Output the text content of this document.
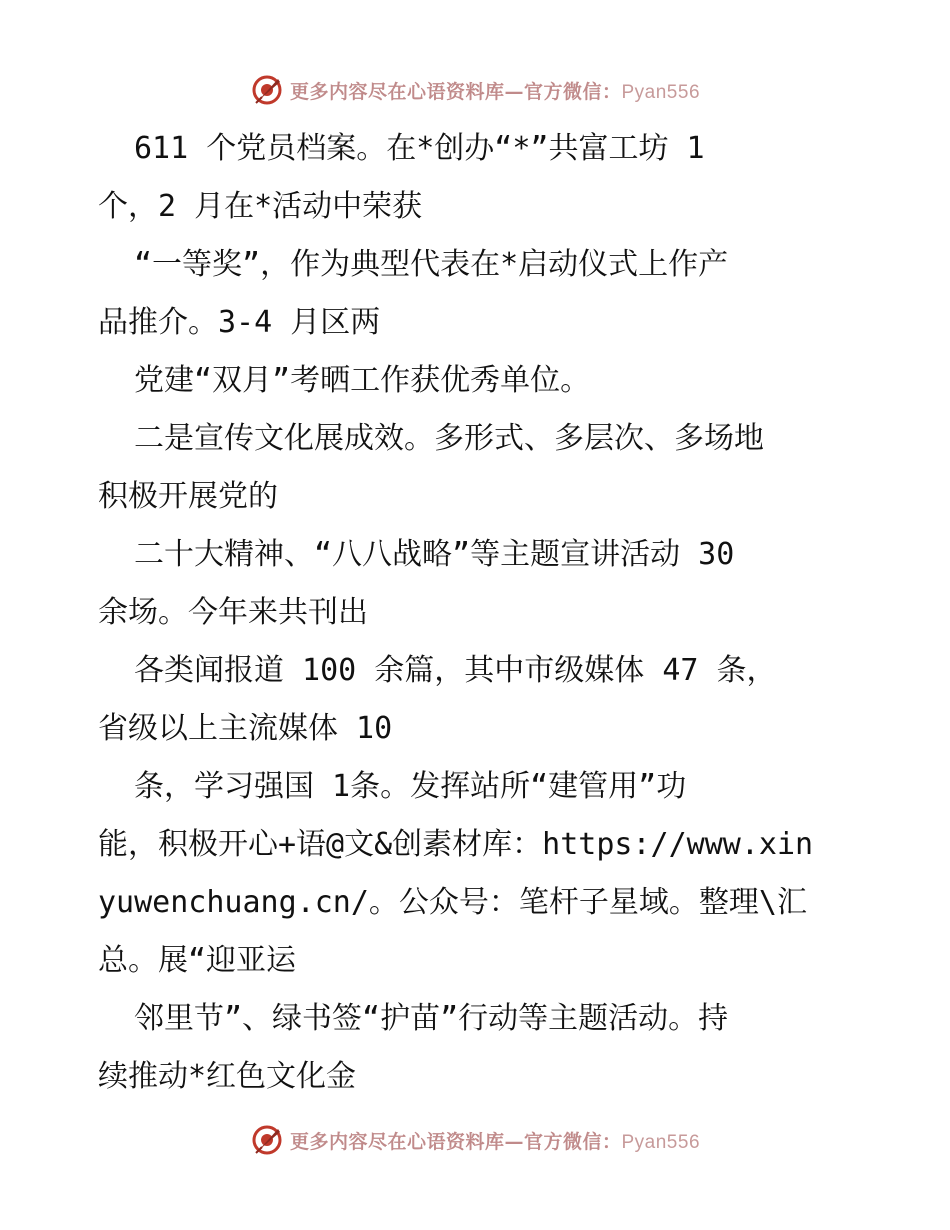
更多内容尽在心语资料库—官方微信：Pyan556
611 个党员档案。在*创办“*”共富工坊 1
个，2 月在*活动中荣获
“一等奖”，作为典型代表在*启动仪式上作产
品推介。3-4 月区两
党建“双月”考晒工作获优秀单位。
二是宣传文化展成效。多形式、多层次、多场地
积极开展党的
二十大精神、“八八战略”等主题宣讲活动 30
余场。今年来共刊出
各类闻报道 100 余篇，其中市级媒体 47 条，
省级以上主流媒体 10
条，学习强国 1条。发挥站所“建管用”功
能，积极开心+语@文&创素材库：https://www.xin
yuwenchuang.cn/。公众号：笔杆子星域。整理\汇
总。展“迎亚运
邻里节”、绿书签“护苗”行动等主题活动。持
续推动*红色文化金
更多内容尽在心语资料库—官方微信：Pyan556
